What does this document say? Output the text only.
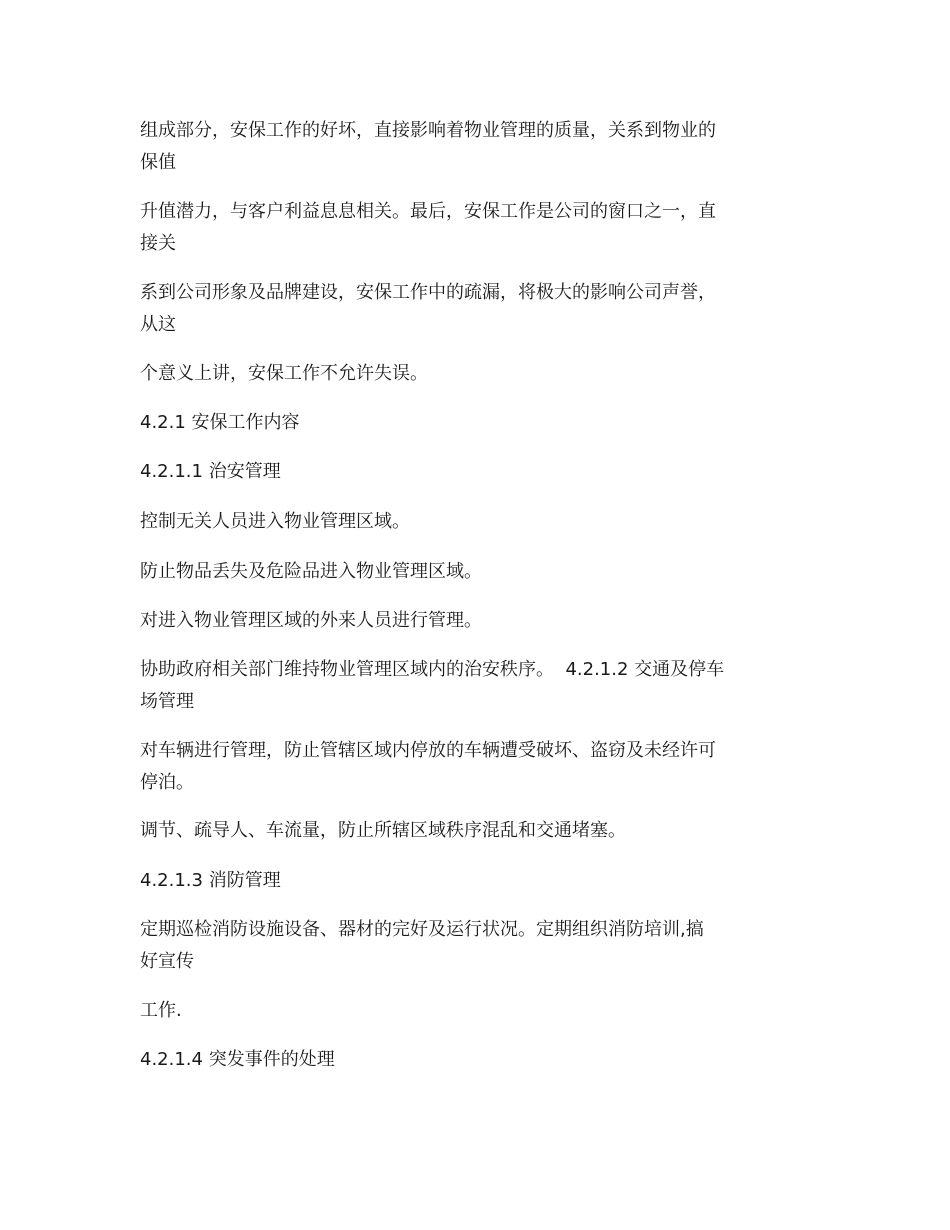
组成部分，安保工作的好坏，直接影响着物业管理的质量，关系到物业的
保值
升值潜力，与客户利益息息相关。最后，安保工作是公司的窗口之一，直
接关
系到公司形象及品牌建设，安保工作中的疏漏，将极大的影响公司声誉，
从这
个意义上讲，安保工作不允许失误。
4.2.1 安保工作内容
4.2.1.1 治安管理
控制无关人员进入物业管理区域。
防止物品丢失及危险品进入物业管理区域。
对进入物业管理区域的外来人员进行管理。
协助政府相关部门维持物业管理区域内的治安秩序。  4.2.1.2 交通及停车
场管理
对车辆进行管理，防止管辖区域内停放的车辆遭受破坏、盗窃及未经许可
停泊。
调节、疏导人、车流量，防止所辖区域秩序混乱和交通堵塞。
4.2.1.3 消防管理
定期巡检消防设施设备、器材的完好及运行状况。定期组织消防培训,搞
好宣传
工作.
4.2.1.4 突发事件的处理
